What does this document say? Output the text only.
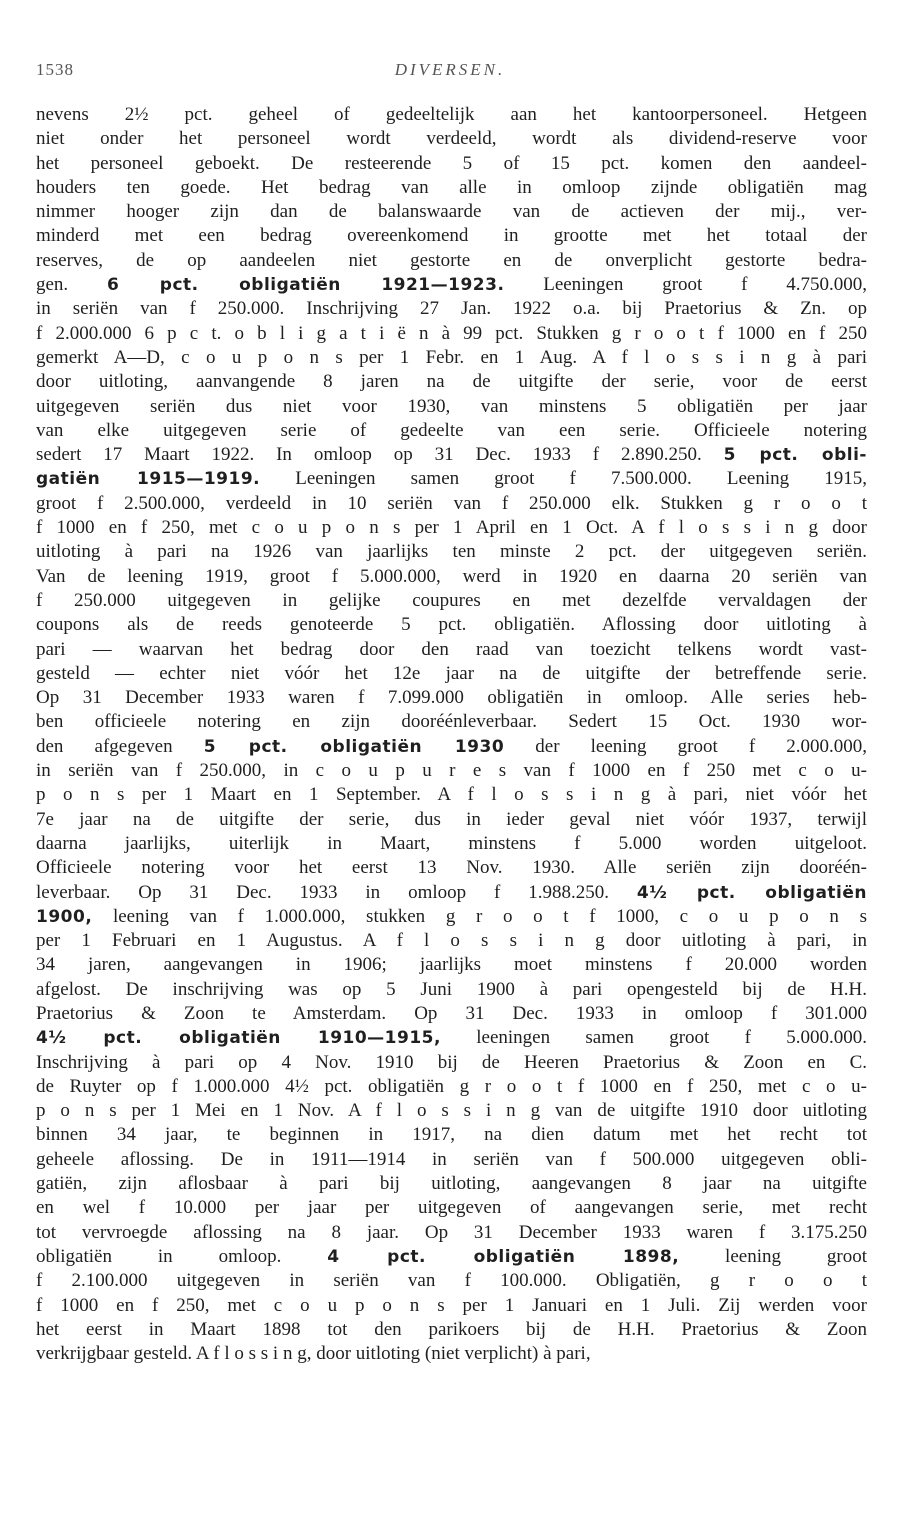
1538	DIVERSEN.
nevens 2½ pct. geheel of gedeeltelijk aan het kantoorpersoneel. Hetgeen
niet onder het personeel wordt verdeeld, wordt als dividend-reserve voor
het personeel geboekt. De resteerende 5 of 15 pct. komen den aandeel-
houders ten goede. Het bedrag van alle in omloop zijnde obligatiën mag
nimmer hooger zijn dan de balanswaarde van de actieven der mij., ver-
minderd met een bedrag overeenkomend in grootte met het totaal der
reserves, de op aandeelen niet gestorte en de onverplicht gestorte bedra-
gen. 6 pct. obligatiën 1921—1923. Leeningen groot f 4.750.000,
in seriën van f 250.000. Inschrijving 27 Jan. 1922 o.a. bij Praetorius & Zn. op
f 2.000.000 6 p c t. o b l i g a t i ë n à 99 pct. Stukken g r o o t f 1000 en f 250
gemerkt A—D, c o u p o n s per 1 Febr. en 1 Aug. A f l o s s i n g à pari
door uitloting, aanvangende 8 jaren na de uitgifte der serie, voor de eerst
uitgegeven seriën dus niet voor 1930, van minstens 5 obligatiën per jaar
van elke uitgegeven serie of gedeelte van een serie. Officieele notering
sedert 17 Maart 1922. In omloop op 31 Dec. 1933 f 2.890.250. 5 pct. obli-
gatiën 1915—1919. Leeningen samen groot f 7.500.000. Leening 1915,
groot f 2.500.000, verdeeld in 10 seriën van f 250.000 elk. Stukken g r o o t
f 1000 en f 250, met c o u p o n s per 1 April en 1 Oct. A f l o s s i n g door
uitloting à pari na 1926 van jaarlijks ten minste 2 pct. der uitgegeven seriën.
Van de leening 1919, groot f 5.000.000, werd in 1920 en daarna 20 seriën van
f 250.000 uitgegeven in gelijke coupures en met dezelfde vervaldagen der
coupons als de reeds genoteerde 5 pct. obligatiën. Aflossing door uitloting à
pari — waarvan het bedrag door den raad van toezicht telkens wordt vast-
gesteld — echter niet vóór het 12e jaar na de uitgifte der betreffende serie.
Op 31 December 1933 waren f 7.099.000 obligatiën in omloop. Alle series heb-
ben officieele notering en zijn dooréénleverbaar. Sedert 15 Oct. 1930 wor-
den afgegeven 5 pct. obligatiën 1930 der leening groot f 2.000.000,
in seriën van f 250.000, in c o u p u r e s van f 1000 en f 250 met c o u-
p o n s per 1 Maart en 1 September. A f l o s s i n g à pari, niet vóór het
7e jaar na de uitgifte der serie, dus in ieder geval niet vóór 1937, terwijl
daarna jaarlijks, uiterlijk in Maart, minstens f 5.000 worden uitgeloot.
Officieele notering voor het eerst 13 Nov. 1930. Alle seriën zijn dooréén-
leverbaar. Op 31 Dec. 1933 in omloop f 1.988.250. 4½ pct. obligatiën
1900, leening van f 1.000.000, stukken g r o o t f 1000, c o u p o n s
per 1 Februari en 1 Augustus. A f l o s s i n g door uitloting à pari, in
34 jaren, aangevangen in 1906; jaarlijks moet minstens f 20.000 worden
afgelost. De inschrijving was op 5 Juni 1900 à pari opengesteld bij de H.H.
Praetorius & Zoon te Amsterdam. Op 31 Dec. 1933 in omloop f 301.000
4½ pct. obligatiën 1910—1915, leeningen samen groot f 5.000.000.
Inschrijving à pari op 4 Nov. 1910 bij de Heeren Praetorius & Zoon en C.
de Ruyter op f 1.000.000 4½ pct. obligatiën g r o o t f 1000 en f 250, met c o u-
p o n s per 1 Mei en 1 Nov. A f l o s s i n g van de uitgifte 1910 door uitloting
binnen 34 jaar, te beginnen in 1917, na dien datum met het recht tot
geheele aflossing. De in 1911—1914 in seriën van f 500.000 uitgegeven obli-
gatiën, zijn aflosbaar à pari bij uitloting, aangevangen 8 jaar na uitgifte
en wel f 10.000 per jaar per uitgegeven of aangevangen serie, met recht
tot vervroegde aflossing na 8 jaar. Op 31 December 1933 waren f 3.175.250
obligatiën in omloop. 4 pct. obligatiën 1898, leening groot
f 2.100.000 uitgegeven in seriën van f 100.000. Obligatiën, g r o o t
f 1000 en f 250, met c o u p o n s per 1 Januari en 1 Juli. Zij werden voor
het eerst in Maart 1898 tot den parikoers bij de H.H. Praetorius & Zoon
verkrijgbaar gesteld. A f l o s s i n g, door uitloting (niet verplicht) à pari,
